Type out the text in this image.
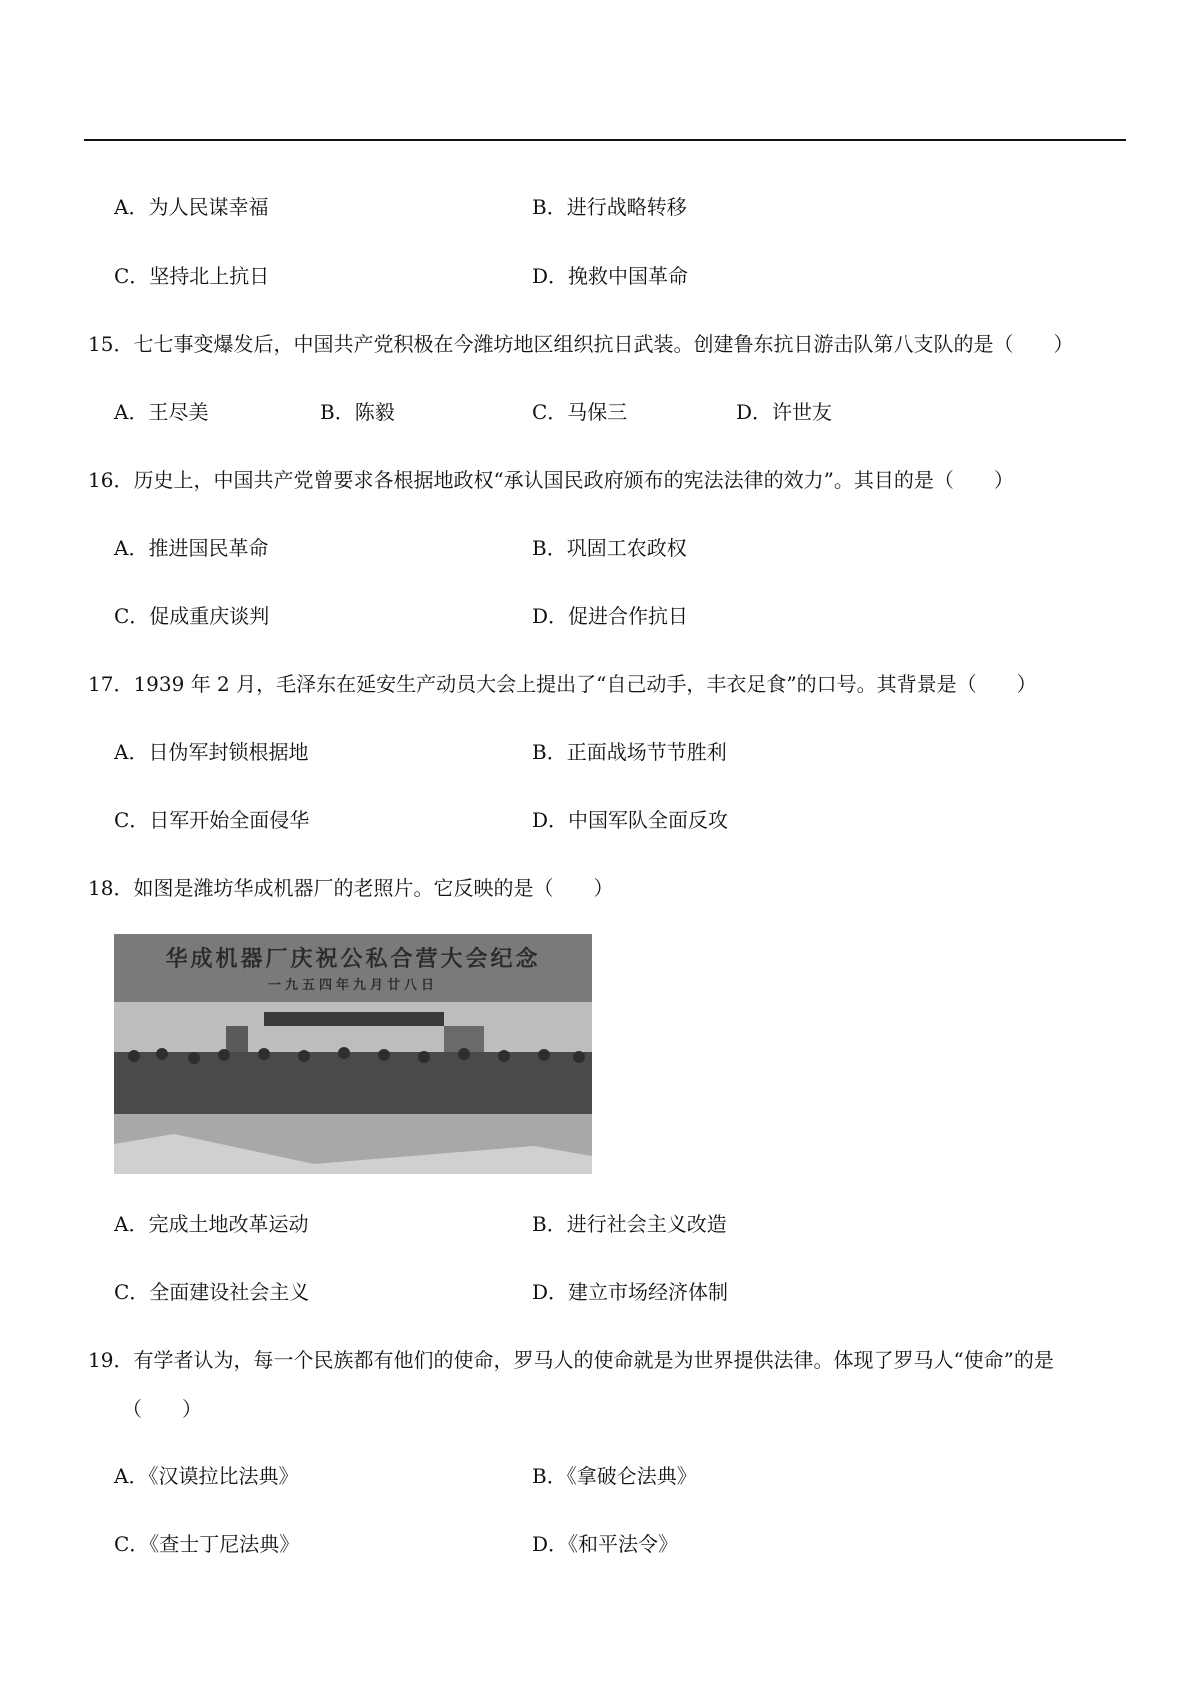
A．为人民谋幸福	B．进行战略转移
C．坚持北上抗日	D．挽救中国革命
15．七七事变爆发后，中国共产党积极在今潍坊地区组织抗日武装。创建鲁东抗日游击队第八支队的是（　　）
A．王尽美	B．陈毅	C．马保三	D．许世友
16．历史上，中国共产党曾要求各根据地政权“承认国民政府颁布的宪法法律的效力”。其目的是（　　）
A．推进国民革命	B．巩固工农政权
C．促成重庆谈判	D．促进合作抗日
17．1939 年 2 月，毛泽东在延安生产动员大会上提出了“自己动手，丰衣足食”的口号。其背景是（　　）
A．日伪军封锁根据地	B．正面战场节节胜利
C．日军开始全面侵华	D．中国军队全面反攻
18．如图是潍坊华成机器厂的老照片。它反映的是（　　）
华成机器厂庆祝公私合营大会纪念
一九五四年九月廿八日
A．完成土地改革运动	B．进行社会主义改造
C．全面建设社会主义	D．建立市场经济体制
19．有学者认为，每一个民族都有他们的使命，罗马人的使命就是为世界提供法律。体现了罗马人“使命”的是
（　　）
A．《汉谟拉比法典》	B．《拿破仑法典》
C．《查士丁尼法典》	D．《和平法令》
